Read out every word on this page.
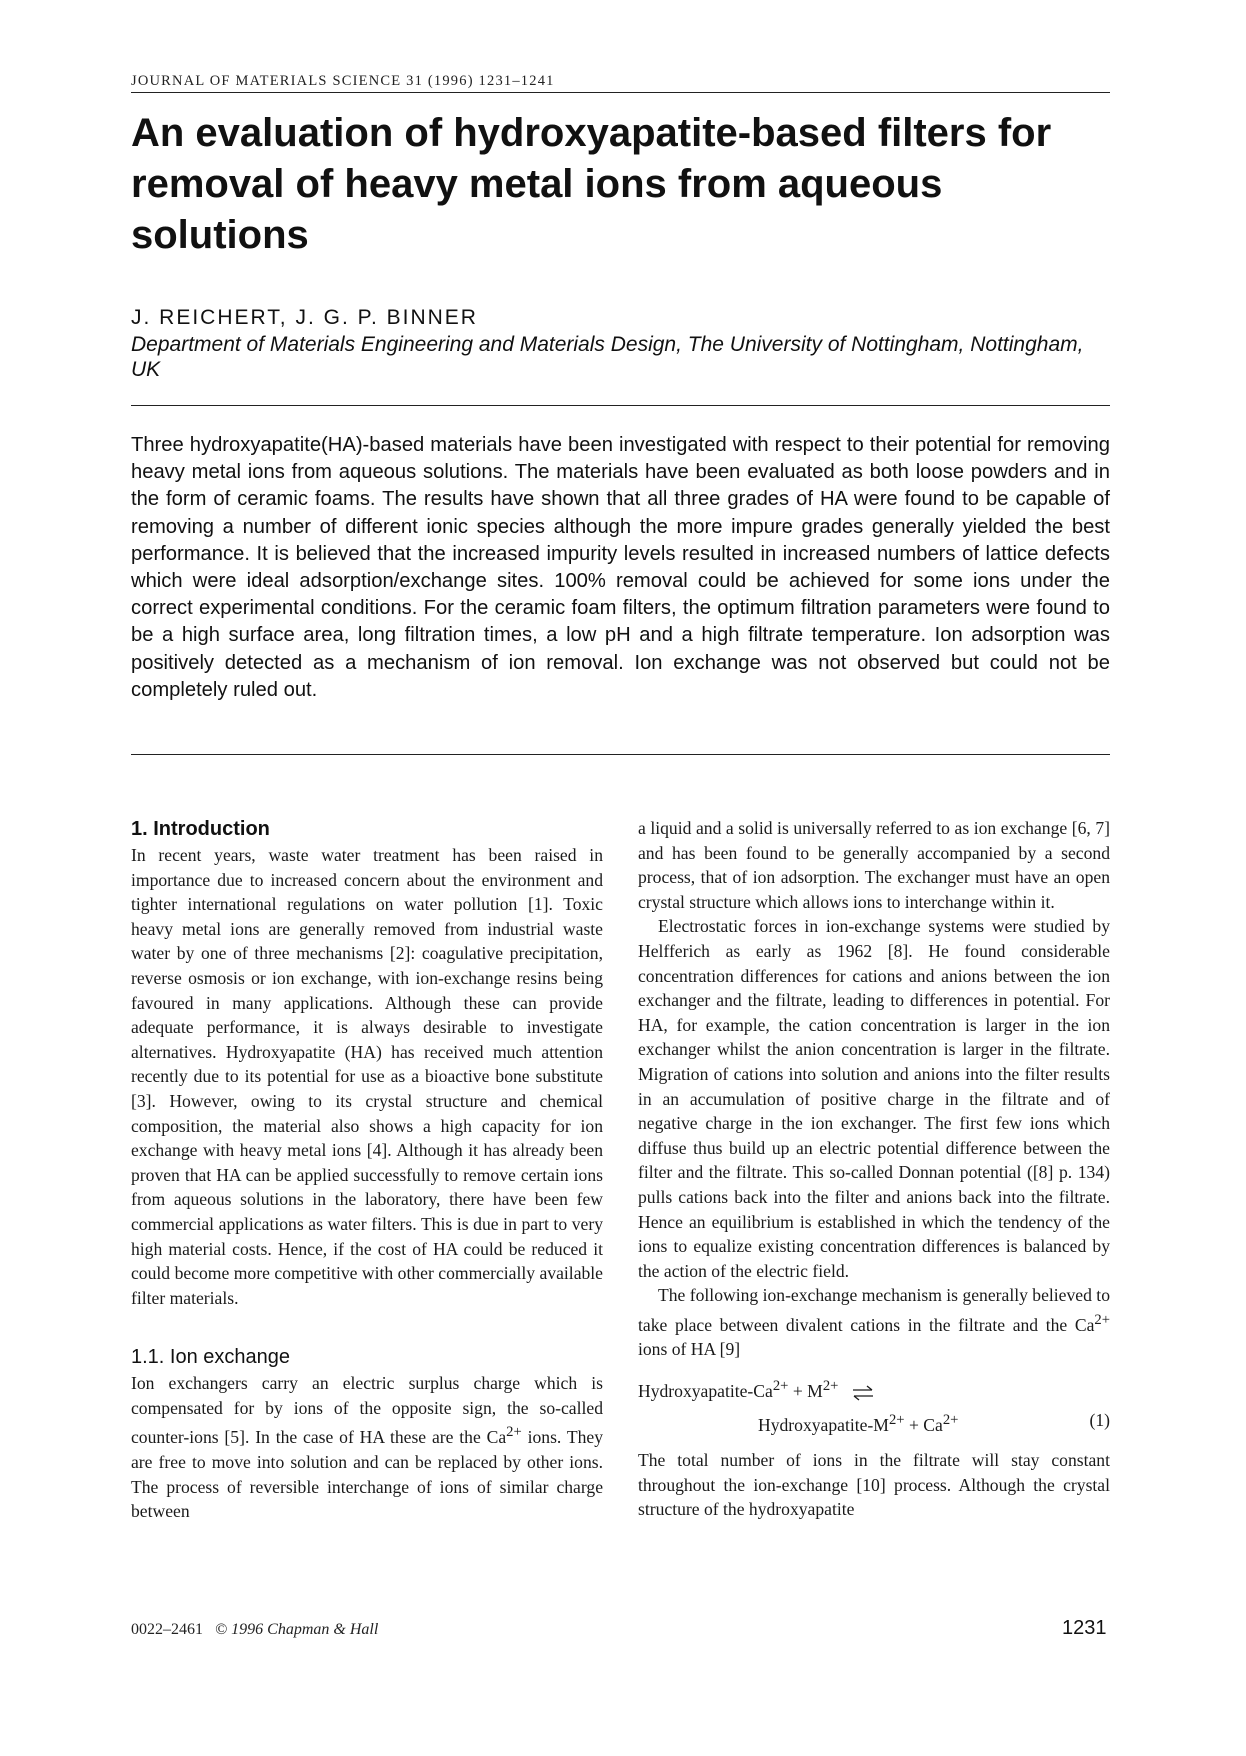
JOURNAL OF MATERIALS SCIENCE 31 (1996) 1231–1241
An evaluation of hydroxyapatite-based filters for removal of heavy metal ions from aqueous solutions
J. REICHERT, J. G. P. BINNER
Department of Materials Engineering and Materials Design, The University of Nottingham, Nottingham, UK

Three hydroxyapatite(HA)-based materials have been investigated with respect to their potential for removing heavy metal ions from aqueous solutions. The materials have been evaluated as both loose powders and in the form of ceramic foams. The results have shown that all three grades of HA were found to be capable of removing a number of different ionic species although the more impure grades generally yielded the best performance. It is believed that the increased impurity levels resulted in increased numbers of lattice defects which were ideal adsorption/exchange sites. 100% removal could be achieved for some ions under the correct experimental conditions. For the ceramic foam filters, the optimum filtration parameters were found to be a high surface area, long filtration times, a low pH and a high filtrate temperature. Ion adsorption was positively detected as a mechanism of ion removal. Ion exchange was not observed but could not be completely ruled out.

1. Introduction

In recent years, waste water treatment has been raised in importance due to increased concern about the environment and tighter international regulations on water pollution [1]. Toxic heavy metal ions are generally removed from industrial waste water by one of three mechanisms [2]: coagulative precipitation, reverse osmosis or ion exchange, with ion-exchange resins being favoured in many applications. Although these can provide adequate performance, it is always desirable to investigate alternatives. Hydroxyapatite (HA) has received much attention recently due to its potential for use as a bioactive bone substitute [3]. However, owing to its crystal structure and chemical composition, the material also shows a high capacity for ion exchange with heavy metal ions [4]. Although it has already been proven that HA can be applied successfully to remove certain ions from aqueous solutions in the laboratory, there have been few commercial applications as water filters. This is due in part to very high material costs. Hence, if the cost of HA could be reduced it could become more competitive with other commercially available filter materials.

1.1. Ion exchange

Ion exchangers carry an electric surplus charge which is compensated for by ions of the opposite sign, the so-called counter-ions [5]. In the case of HA these are the $Ca^{2+}$ ions. They are free to move into solution and can be replaced by other ions. The process of reversible interchange of ions of similar charge between

a liquid and a solid is universally referred to as ion exchange [6, 7] and has been found to be generally accompanied by a second process, that of ion adsorption. The exchanger must have an open crystal structure which allows ions to interchange within it.

Electrostatic forces in ion-exchange systems were studied by Helfferich as early as 1962 [8]. He found considerable concentration differences for cations and anions between the ion exchanger and the filtrate, leading to differences in potential. For HA, for example, the cation concentration is larger in the ion exchanger whilst the anion concentration is larger in the filtrate. Migration of cations into solution and anions into the filter results in an accumulation of positive charge in the filtrate and of negative charge in the ion exchanger. The first few ions which diffuse thus build up an electric potential difference between the filter and the filtrate. This so-called Donnan potential ([8] p. 134) pulls cations back into the filter and anions back into the filtrate. Hence an equilibrium is established in which the tendency of the ions to equalize existing concentration differences is balanced by the action of the electric field.

The following ion-exchange mechanism is generally believed to take place between divalent cations in the filtrate and the $Ca^{2+}$ ions of HA [9]

Hydroxyapatite-$Ca^{2+} + M^{2+}$ ⇌
Hydroxyapatite-$M^{2+} + Ca^{2+}$	(1)

The total number of ions in the filtrate will stay constant throughout the ion-exchange [10] process. Although the crystal structure of the hydroxyapatite

0022–2461 © 1996 Chapman & Hall	1231
